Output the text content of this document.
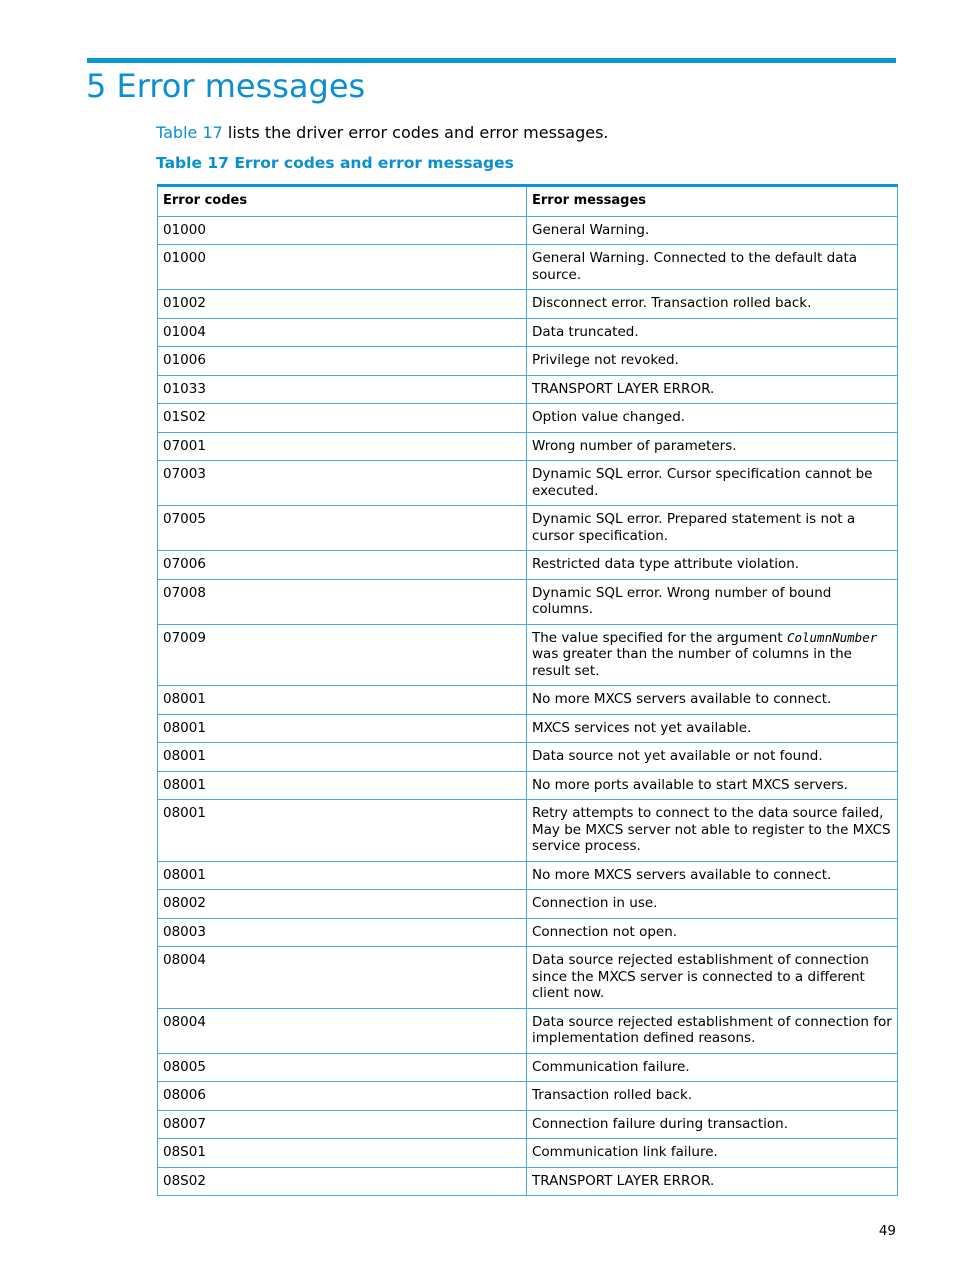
5 Error messages

Table 17 lists the driver error codes and error messages.

Table 17 Error codes and error messages

Error codes	Error messages
01000	General Warning.
01000	General Warning. Connected to the default data source.
01002	Disconnect error. Transaction rolled back.
01004	Data truncated.
01006	Privilege not revoked.
01033	TRANSPORT LAYER ERROR.
01S02	Option value changed.
07001	Wrong number of parameters.
07003	Dynamic SQL error. Cursor specification cannot be executed.
07005	Dynamic SQL error. Prepared statement is not a cursor specification.
07006	Restricted data type attribute violation.
07008	Dynamic SQL error. Wrong number of bound columns.
07009	The value specified for the argument ColumnNumber was greater than the number of columns in the result set.
08001	No more MXCS servers available to connect.
08001	MXCS services not yet available.
08001	Data source not yet available or not found.
08001	No more ports available to start MXCS servers.
08001	Retry attempts to connect to the data source failed, May be MXCS server not able to register to the MXCS service process.
08001	No more MXCS servers available to connect.
08002	Connection in use.
08003	Connection not open.
08004	Data source rejected establishment of connection since the MXCS server is connected to a different client now.
08004	Data source rejected establishment of connection for implementation defined reasons.
08005	Communication failure.
08006	Transaction rolled back.
08007	Connection failure during transaction.
08S01	Communication link failure.
08S02	TRANSPORT LAYER ERROR.

49
